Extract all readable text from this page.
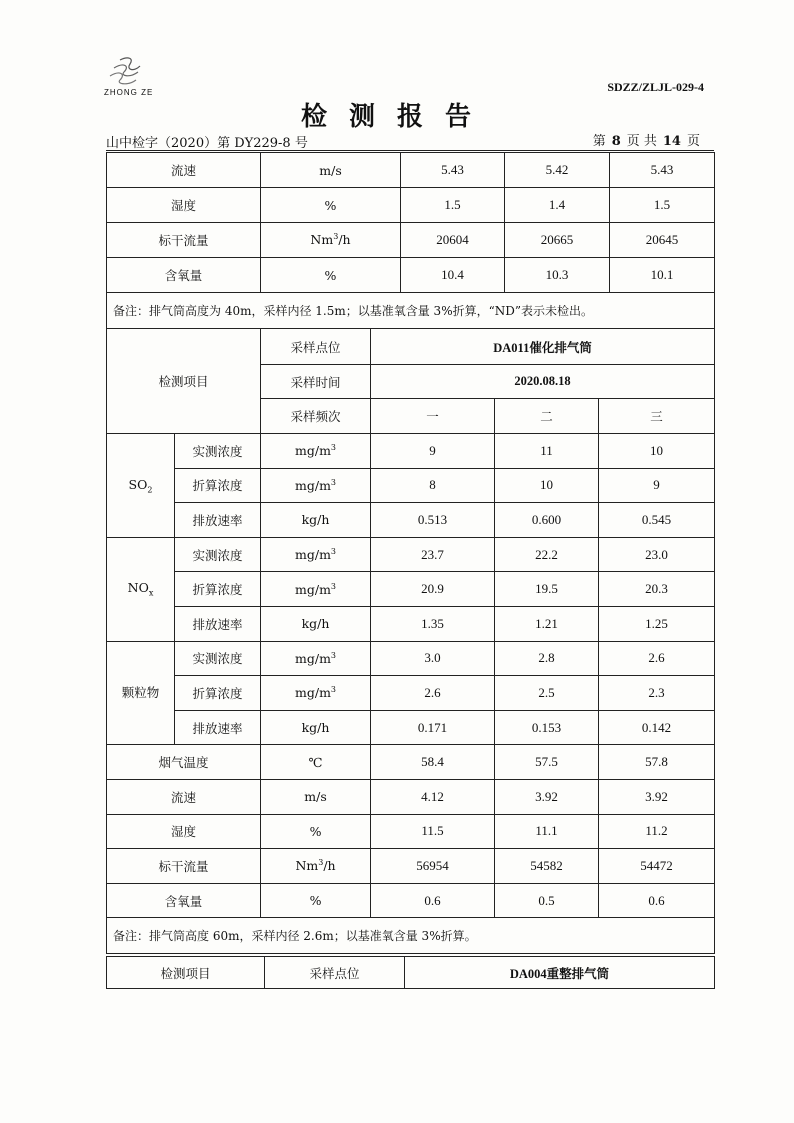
ZHONG ZE	SDZZ/ZLJL-029-4
检测报告
山中检字（2020）第 DY229-8 号	第 8 页 共 14 页
流速	m/s	5.43	5.42	5.43
湿度	%	1.5	1.4	1.5
标干流量	Nm$^3$/h	20604	20665	20645
含氧量	%	10.4	10.3	10.1
备注：排气筒高度为 40m，采样内径 1.5m；以基准氧含量 3%折算，“ND”表示未检出。				
检测项目		采样点位	DA011催化排气筒		
		采样时间	2020.08.18		
		采样频次	一	二	三
$SO_2$	实测浓度	$mg/m^3$	9	11	10
	折算浓度	$mg/m^3$	8	10	9
	排放速率	kg/h	0.513	0.600	0.545
$NO_x$	实测浓度	$mg/m^3$	23.7	22.2	23.0
	折算浓度	$mg/m^3$	20.9	19.5	20.3
	排放速率	kg/h	1.35	1.21	1.25
颗粒物	实测浓度	$mg/m^3$	3.0	2.8	2.6
	折算浓度	$mg/m^3$	2.6	2.5	2.3
	排放速率	kg/h	0.171	0.153	0.142
烟气温度		℃	58.4	57.5	57.8
流速		m/s	4.12	3.92	3.92
湿度		%	11.5	11.1	11.2
标干流量		Nm$^3$/h	56954	54582	54472
含氧量		%	0.6	0.5	0.6
备注：排气筒高度 60m，采样内径 2.6m；以基准氧含量 3%折算。					
检测项目	采样点位	DA004重整排气筒
